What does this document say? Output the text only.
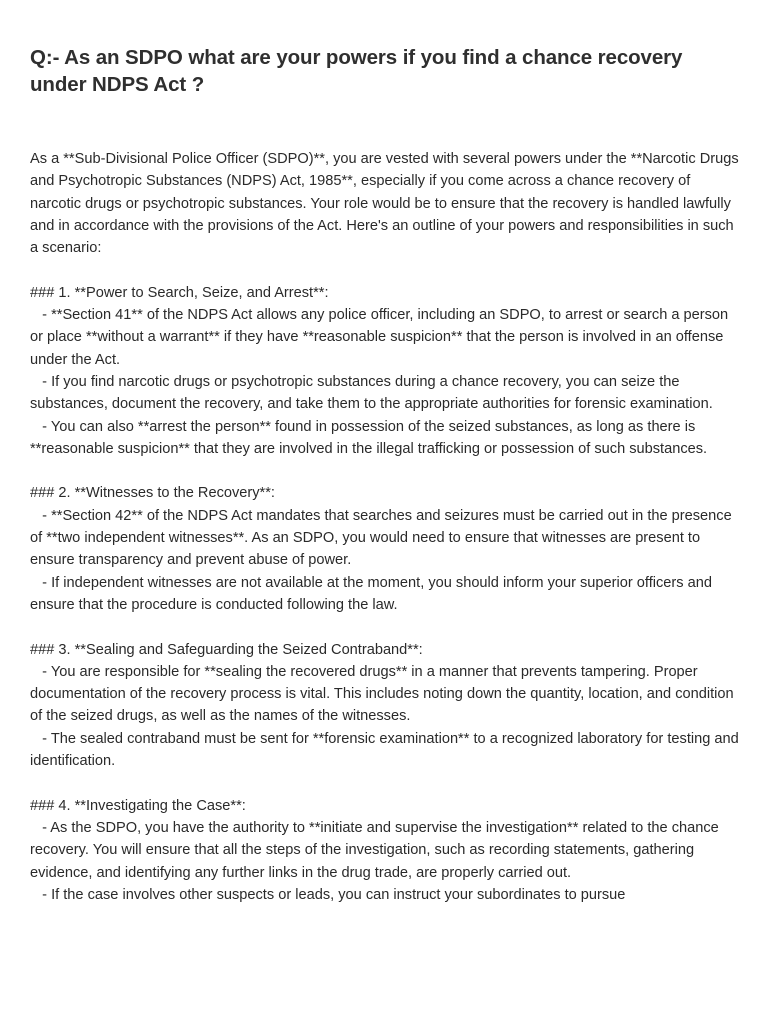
Q:- As an SDPO what are your powers if you find a chance recovery under NDPS Act ?

As a **Sub-Divisional Police Officer (SDPO)**, you are vested with several powers under the **Narcotic Drugs and Psychotropic Substances (NDPS) Act, 1985**, especially if you come across a chance recovery of narcotic drugs or psychotropic substances. Your role would be to ensure that the recovery is handled lawfully and in accordance with the provisions of the Act. Here's an outline of your powers and responsibilities in such a scenario:

### 1. **Power to Search, Seize, and Arrest**:
- **Section 41** of the NDPS Act allows any police officer, including an SDPO, to arrest or search a person or place **without a warrant** if they have **reasonable suspicion** that the person is involved in an offense under the Act.
- If you find narcotic drugs or psychotropic substances during a chance recovery, you can seize the substances, document the recovery, and take them to the appropriate authorities for forensic examination.
- You can also **arrest the person** found in possession of the seized substances, as long as there is **reasonable suspicion** that they are involved in the illegal trafficking or possession of such substances.
### 2. **Witnesses to the Recovery**:
- **Section 42** of the NDPS Act mandates that searches and seizures must be carried out in the presence of **two independent witnesses**. As an SDPO, you would need to ensure that witnesses are present to ensure transparency and prevent abuse of power.
- If independent witnesses are not available at the moment, you should inform your superior officers and ensure that the procedure is conducted following the law.
### 3. **Sealing and Safeguarding the Seized Contraband**:
- You are responsible for **sealing the recovered drugs** in a manner that prevents tampering. Proper documentation of the recovery process is vital. This includes noting down the quantity, location, and condition of the seized drugs, as well as the names of the witnesses.
- The sealed contraband must be sent for **forensic examination** to a recognized laboratory for testing and identification.
### 4. **Investigating the Case**:
- As the SDPO, you have the authority to **initiate and supervise the investigation** related to the chance recovery. You will ensure that all the steps of the investigation, such as recording statements, gathering evidence, and identifying any further links in the drug trade, are properly carried out.
- If the case involves other suspects or leads, you can instruct your subordinates to pursue
